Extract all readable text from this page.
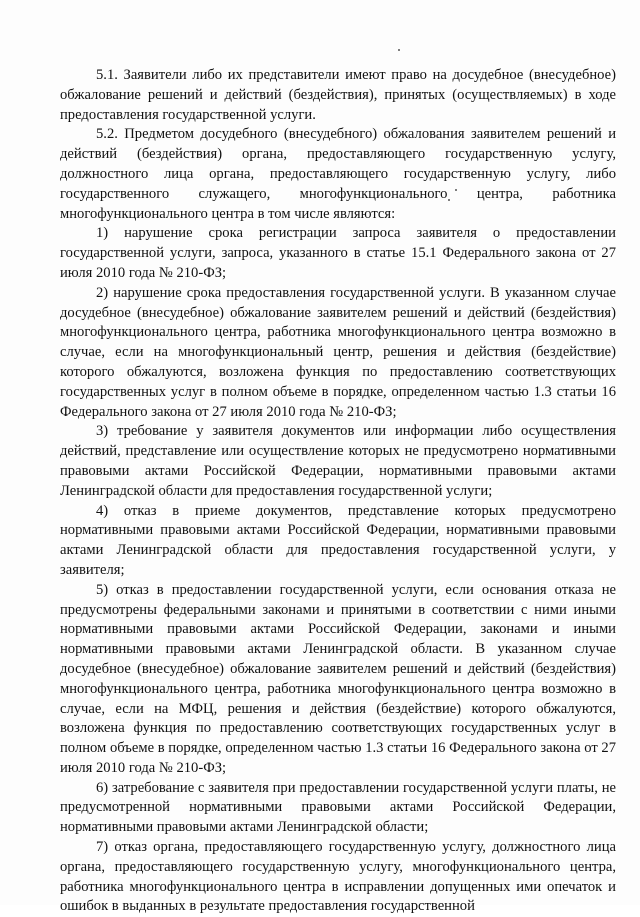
5.1. Заявители либо их представители имеют право на досудебное (внесудебное) обжалование решений и действий (бездействия), принятых (осуществляемых) в ходе предоставления государственной услуги.

5.2. Предметом досудебного (внесудебного) обжалования заявителем решений и действий (бездействия) органа, предоставляющего государственную услугу, должностного лица органа, предоставляющего государственную услугу, либо государственного служащего, многофункционального центра, работника многофункционального центра в том числе являются:

1) нарушение срока регистрации запроса заявителя о предоставлении государственной услуги, запроса, указанного в статье 15.1 Федерального закона от 27 июля 2010 года № 210-ФЗ;

2) нарушение срока предоставления государственной услуги. В указанном случае досудебное (внесудебное) обжалование заявителем решений и действий (бездействия) многофункционального центра, работника многофункционального центра возможно в случае, если на многофункциональный центр, решения и действия (бездействие) которого обжалуются, возложена функция по предоставлению соответствующих государственных услуг в полном объеме в порядке, определенном частью 1.3 статьи 16 Федерального закона от 27 июля 2010 года № 210-ФЗ;

3) требование у заявителя документов или информации либо осуществления действий, представление или осуществление которых не предусмотрено нормативными правовыми актами Российской Федерации, нормативными правовыми актами Ленинградской области для предоставления государственной услуги;

4) отказ в приеме документов, представление которых предусмотрено нормативными правовыми актами Российской Федерации, нормативными правовыми актами Ленинградской области для предоставления государственной услуги, у заявителя;

5) отказ в предоставлении государственной услуги, если основания отказа не предусмотрены федеральными законами и принятыми в соответствии с ними иными нормативными правовыми актами Российской Федерации, законами и иными нормативными правовыми актами Ленинградской области. В указанном случае досудебное (внесудебное) обжалование заявителем решений и действий (бездействия) многофункционального центра, работника многофункционального центра возможно в случае, если на МФЦ, решения и действия (бездействие) которого обжалуются, возложена функция по предоставлению соответствующих государственных услуг в полном объеме в порядке, определенном частью 1.3 статьи 16 Федерального закона от 27 июля 2010 года № 210-ФЗ;

6) затребование с заявителя при предоставлении государственной услуги платы, не предусмотренной нормативными правовыми актами Российской Федерации, нормативными правовыми актами Ленинградской области;

7) отказ органа, предоставляющего государственную услугу, должностного лица органа, предоставляющего государственную услугу, многофункционального центра, работника многофункционального центра в исправлении допущенных ими опечаток и ошибок в выданных в результате предоставления государственной
